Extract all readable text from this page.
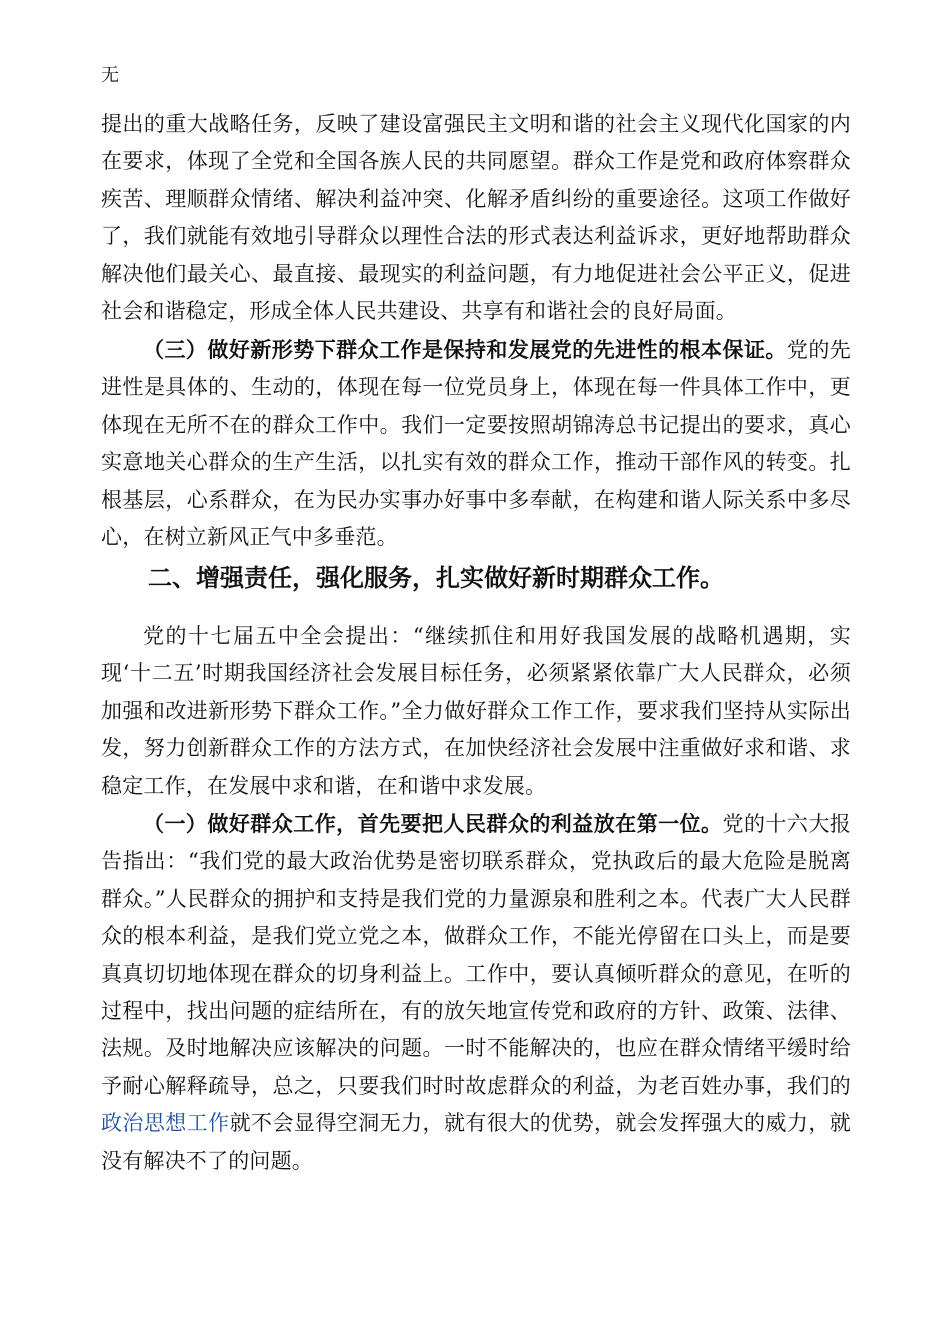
无

提出的重大战略任务，反映了建设富强民主文明和谐的社会主义现代化国家的内在要求，体现了全党和全国各族人民的共同愿望。群众工作是党和政府体察群众疾苦、理顺群众情绪、解决利益冲突、化解矛盾纠纷的重要途径。这项工作做好了，我们就能有效地引导群众以理性合法的形式表达利益诉求，更好地帮助群众解决他们最关心、最直接、最现实的利益问题，有力地促进社会公平正义，促进社会和谐稳定，形成全体人民共建设、共享有和谐社会的良好局面。

（三）做好新形势下群众工作是保持和发展党的先进性的根本保证。党的先进性是具体的、生动的，体现在每一位党员身上，体现在每一件具体工作中，更体现在无所不在的群众工作中。我们一定要按照胡锦涛总书记提出的要求，真心实意地关心群众的生产生活，以扎实有效的群众工作，推动干部作风的转变。扎根基层，心系群众，在为民办实事办好事中多奉献，在构建和谐人际关系中多尽心，在树立新风正气中多垂范。

二、增强责任，强化服务，扎实做好新时期群众工作。

党的十七届五中全会提出：“继续抓住和用好我国发展的战略机遇期，实现‘十二五’时期我国经济社会发展目标任务，必须紧紧依靠广大人民群众，必须加强和改进新形势下群众工作。”全力做好群众工作工作，要求我们坚持从实际出发，努力创新群众工作的方法方式，在加快经济社会发展中注重做好求和谐、求稳定工作，在发展中求和谐，在和谐中求发展。

（一）做好群众工作，首先要把人民群众的利益放在第一位。党的十六大报告指出：“我们党的最大政治优势是密切联系群众，党执政后的最大危险是脱离群众。”人民群众的拥护和支持是我们党的力量源泉和胜利之本。代表广大人民群众的根本利益，是我们党立党之本，做群众工作，不能光停留在口头上，而是要真真切切地体现在群众的切身利益上。工作中，要认真倾听群众的意见，在听的过程中，找出问题的症结所在，有的放矢地宣传党和政府的方针、政策、法律、法规。及时地解决应该解决的问题。一时不能解决的，也应在群众情绪平缓时给予耐心解释疏导，总之，只要我们时时故虑群众的利益，为老百姓办事，我们的政治思想工作就不会显得空洞无力，就有很大的优势，就会发挥强大的威力，就没有解决不了的问题。
